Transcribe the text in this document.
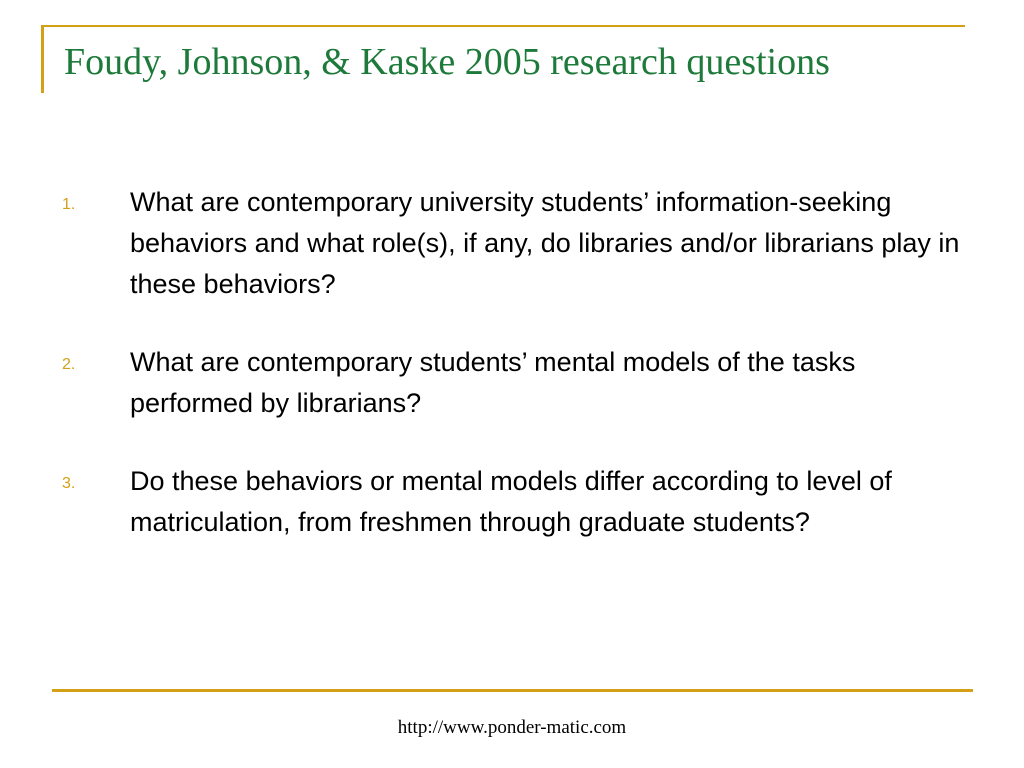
Foudy, Johnson, & Kaske 2005 research questions
1. What are contemporary university students’ information-seeking behaviors and what role(s), if any, do libraries and/or librarians play in these behaviors?
2. What are contemporary students’ mental models of the tasks performed by librarians?
3. Do these behaviors or mental models differ according to level of matriculation, from freshmen through graduate students?
http://www.ponder-matic.com
